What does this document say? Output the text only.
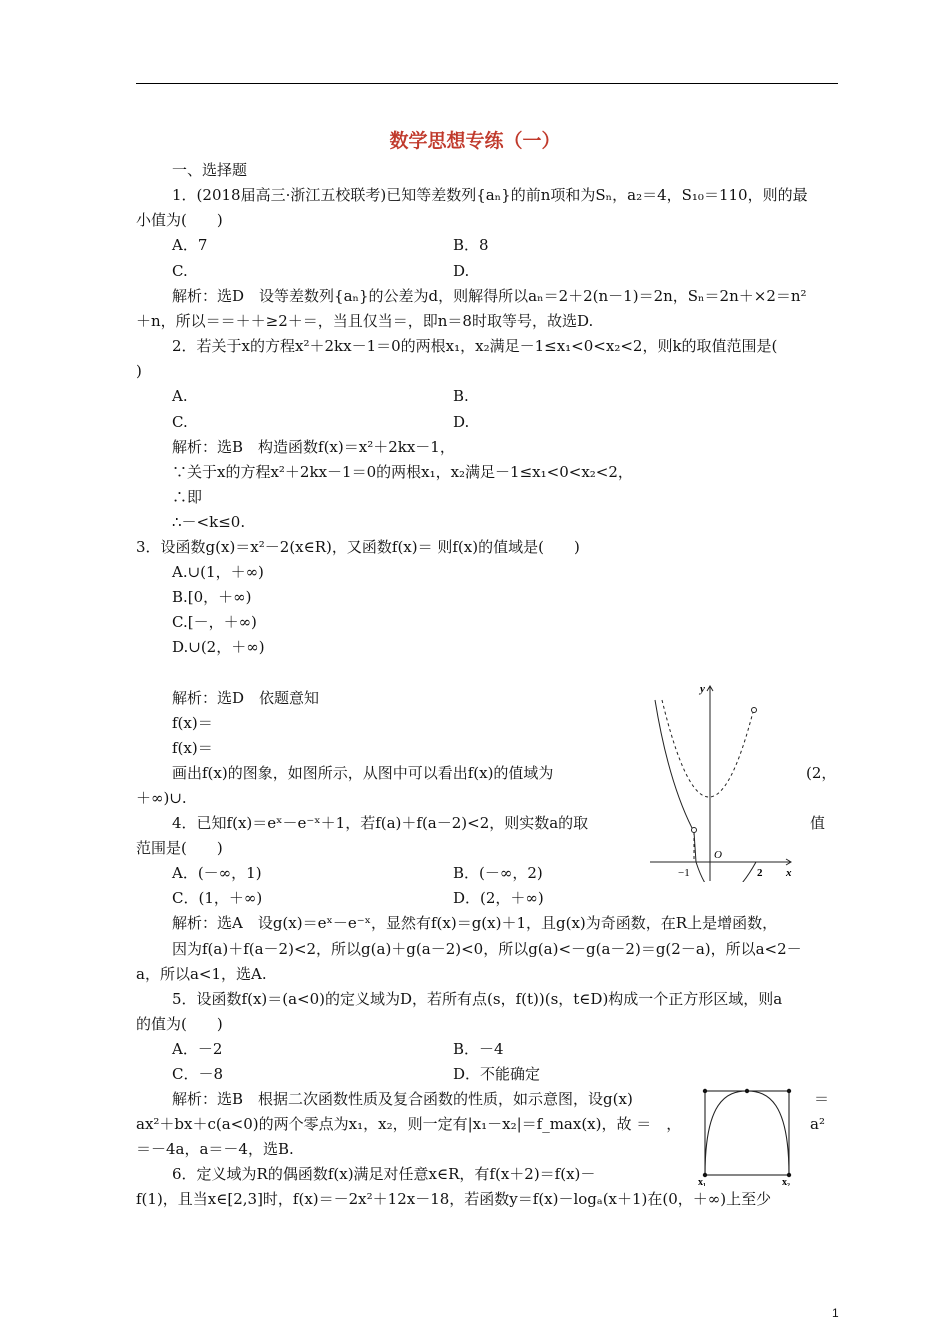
数学思想专练（一）
一、选择题
1．(2018届高三·浙江五校联考)已知等差数列{aₙ}的前n项和为Sₙ，a₂＝4，S₁₀＝110，则的最
小值为(　　)
A．7	B．8
C.	D.
解析：选D　设等差数列{aₙ}的公差为d，则解得所以aₙ＝2＋2(n－1)＝2n，Sₙ＝2n＋×2＝n²
＋n，所以＝＝＋＋≥2＋＝，当且仅当＝，即n＝8时取等号，故选D.
2．若关于x的方程x²＋2kx－1＝0的两根x₁，x₂满足－1≤x₁<0<x₂<2，则k的取值范围是(
)
A.	B.
C.	D.
解析：选B　构造函数f(x)＝x²＋2kx－1，
∵关于x的方程x²＋2kx－1＝0的两根x₁，x₂满足－1≤x₁<0<x₂<2，
∴即
∴－<k≤0.
3．设函数g(x)＝x²－2(x∈R)，又函数f(x)＝ 则f(x)的值域是(　　)
A.∪(1，＋∞)
B.[0，＋∞)
C.[－，＋∞)
D.∪(2，＋∞)
解析：选D　依题意知
f(x)＝
f(x)＝
画出f(x)的图象，如图所示，从图中可以看出f(x)的值域为	(2，
＋∞)∪.
4．已知f(x)＝eˣ－e⁻ˣ＋1，若f(a)＋f(a－2)<2，则实数a的取	值
范围是(　　)
A．(－∞，1)	B．(－∞，2)
C．(1，＋∞)	D．(2，＋∞)
解析：选A　设g(x)＝eˣ－e⁻ˣ，显然有f(x)＝g(x)＋1，且g(x)为奇函数，在R上是增函数，
因为f(a)＋f(a－2)<2，所以g(a)＋g(a－2)<0，所以g(a)<－g(a－2)＝g(2－a)，所以a<2－
a，所以a<1，选A.
5．设函数f(x)＝(a<0)的定义域为D，若所有点(s，f(t))(s，t∈D)构成一个正方形区域，则a
的值为(　　)
A．－2	B．－4
C．－8	D．不能确定
解析：选B　根据二次函数性质及复合函数的性质，如示意图，设g(x)	＝
ax²＋bx＋c(a<0)的两个零点为x₁，x₂，则一定有|x₁－x₂|＝f_max(x)，故 ＝　，	a²
＝－4a，a＝－4，选B.
6．定义域为R的偶函数f(x)满足对任意x∈R，有f(x＋2)＝f(x)－
f(1)，且当x∈[2,3]时，f(x)＝－2x²＋12x－18，若函数y＝f(x)－logₐ(x＋1)在(0，＋∞)上至少
y
x
O
−1	2
x₁	x₂
1
